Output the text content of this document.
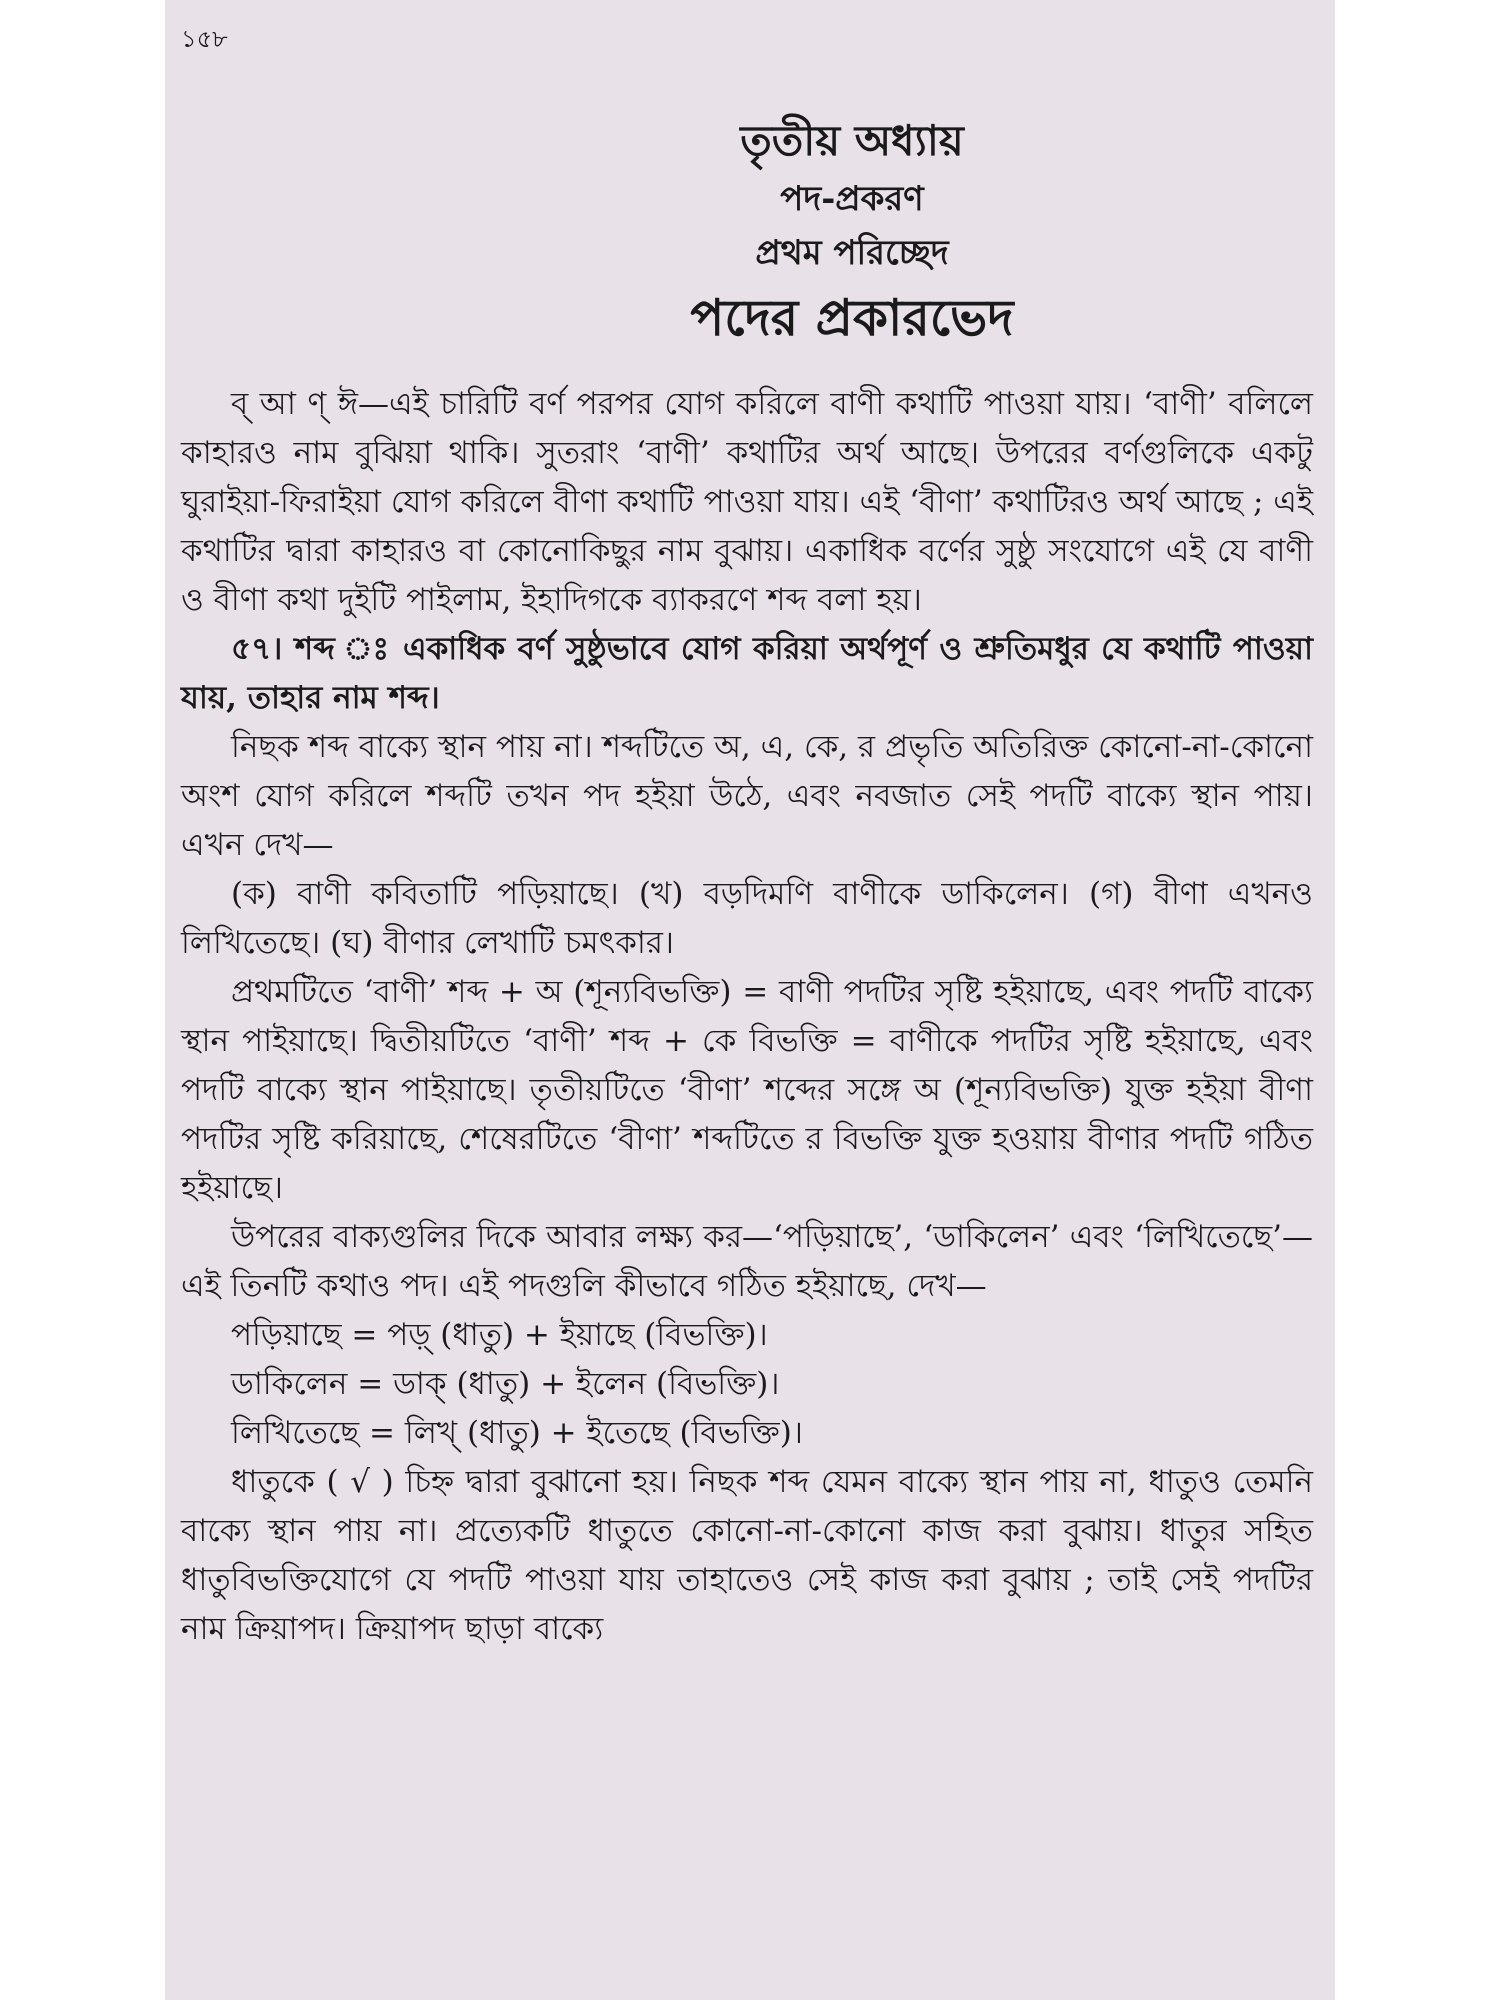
১৫৮
তৃতীয় অধ্যায়
পদ-প্রকরণ
প্রথম পরিচ্ছেদ
পদের প্রকারভেদ

ব্ আ ণ্ ঈ—এই চারিটি বর্ণ পরপর যোগ করিলে বাণী কথাটি পাওয়া যায়। ‘বাণী’ বলিলে কাহারও নাম বুঝিয়া থাকি। সুতরাং ‘বাণী’ কথাটির অর্থ আছে। উপরের বর্ণগুলিকে একটু ঘুরাইয়া-ফিরাইয়া যোগ করিলে বীণা কথাটি পাওয়া যায়। এই ‘বীণা’ কথাটিরও অর্থ আছে ; এই কথাটির দ্বারা কাহারও বা কোনোকিছুর নাম বুঝায়। একাধিক বর্ণের সুষ্ঠু সংযোগে এই যে বাণী ও বীণা কথা দুইটি পাইলাম, ইহাদিগকে ব্যাকরণে শব্দ বলা হয়।

৫৭। শব্দ ঃ একাধিক বর্ণ সুষ্ঠুভাবে যোগ করিয়া অর্থপূর্ণ ও শ্রুতিমধুর যে কথাটি পাওয়া যায়, তাহার নাম শব্দ।

নিছক শব্দ বাক্যে স্থান পায় না। শব্দটিতে অ, এ, কে, র প্রভৃতি অতিরিক্ত কোনো-না-কোনো অংশ যোগ করিলে শব্দটি তখন পদ হইয়া উঠে, এবং নবজাত সেই পদটি বাক্যে স্থান পায়। এখন দেখ—

(ক) বাণী কবিতাটি পড়িয়াছে। (খ) বড়দিমণি বাণীকে ডাকিলেন। (গ) বীণা এখনও লিখিতেছে। (ঘ) বীণার লেখাটি চমৎকার।

প্রথমটিতে ‘বাণী’ শব্দ + অ (শূন্যবিভক্তি) = বাণী পদটির সৃষ্টি হইয়াছে, এবং পদটি বাক্যে স্থান পাইয়াছে। দ্বিতীয়টিতে ‘বাণী’ শব্দ + কে বিভক্তি = বাণীকে পদটির সৃষ্টি হইয়াছে, এবং পদটি বাক্যে স্থান পাইয়াছে। তৃতীয়টিতে ‘বীণা’ শব্দের সঙ্গে অ (শূন্যবিভক্তি) যুক্ত হইয়া বীণা পদটির সৃষ্টি করিয়াছে, শেষেরটিতে ‘বীণা’ শব্দটিতে র বিভক্তি যুক্ত হওয়ায় বীণার পদটি গঠিত হইয়াছে।

উপরের বাক্যগুলির দিকে আবার লক্ষ্য কর—‘পড়িয়াছে’, ‘ডাকিলেন’ এবং ‘লিখিতেছে’—এই তিনটি কথাও পদ। এই পদগুলি কীভাবে গঠিত হইয়াছে, দেখ—

পড়িয়াছে = পড়্ (ধাতু) + ইয়াছে (বিভক্তি)।
ডাকিলেন = ডাক্ (ধাতু) + ইলেন (বিভক্তি)।
লিখিতেছে = লিখ্ (ধাতু) + ইতেছে (বিভক্তি)।

ধাতুকে ( √ ) চিহ্ন দ্বারা বুঝানো হয়। নিছক শব্দ যেমন বাক্যে স্থান পায় না, ধাতুও তেমনি বাক্যে স্থান পায় না। প্রত্যেকটি ধাতুতে কোনো-না-কোনো কাজ করা বুঝায়। ধাতুর সহিত ধাতুবিভক্তিযোগে যে পদটি পাওয়া যায় তাহাতেও সেই কাজ করা বুঝায় ; তাই সেই পদটির নাম ক্রিয়াপদ। ক্রিয়াপদ ছাড়া বাক্যে
